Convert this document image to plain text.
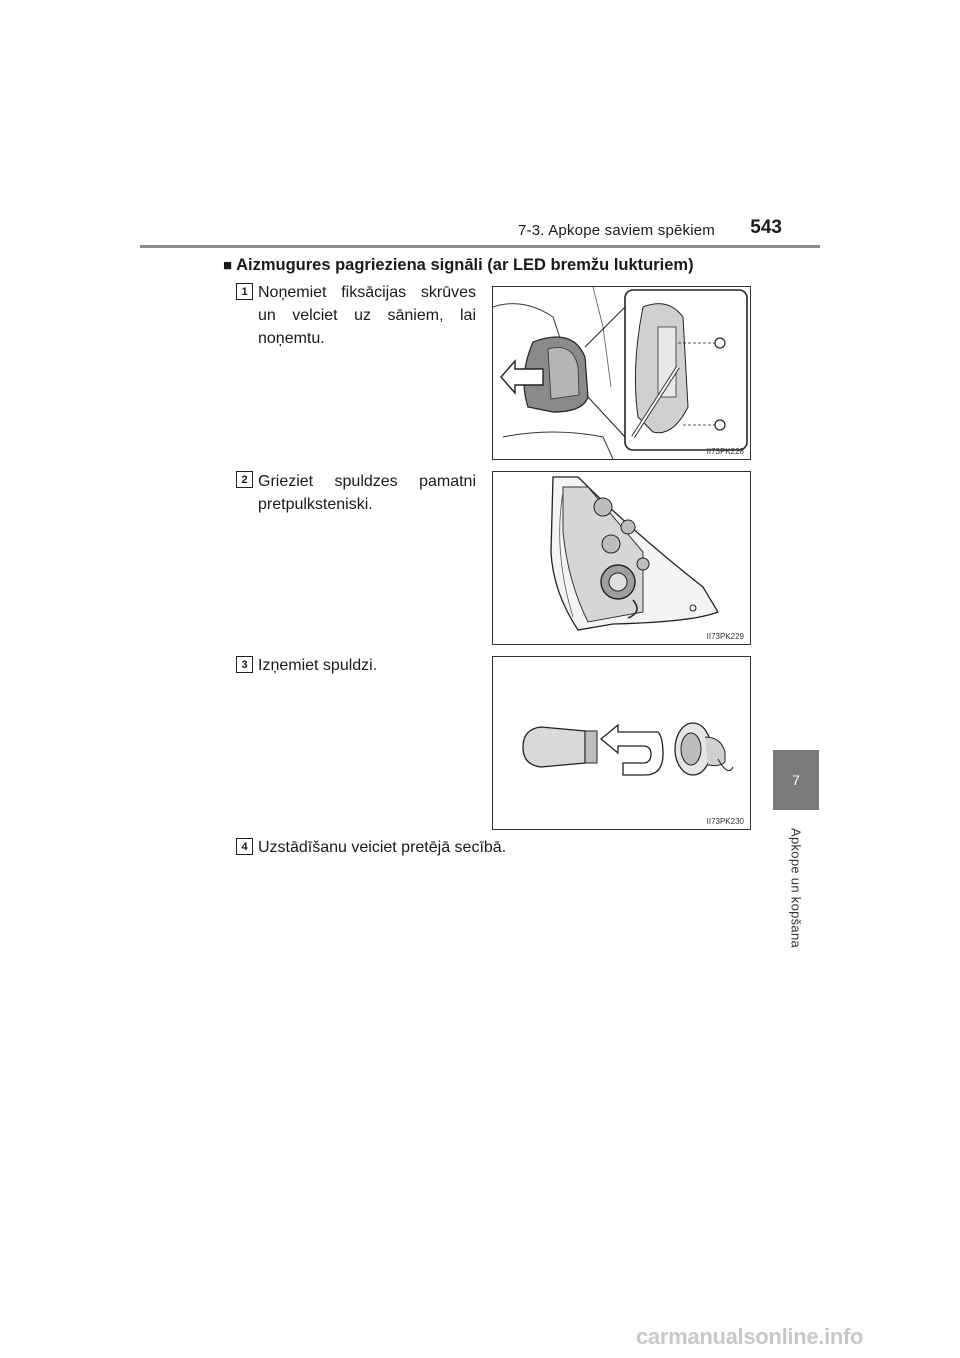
7-3. Apkope saviem spēkiem	543
7
Apkope un kopšana
■ Aizmugures pagrieziena signāli (ar LED bremžu lukturiem)
1 Noņemiet fiksācijas skrūves un velciet uz sāniem, lai noņemtu.
II73PK228
2 Grieziet spuldzes pamatni pretpulksteniski.
II73PK229
3 Izņemiet spuldzi.
II73PK230
4 Uzstādīšanu veiciet pretējā secībā.
carmanualsonline.info
